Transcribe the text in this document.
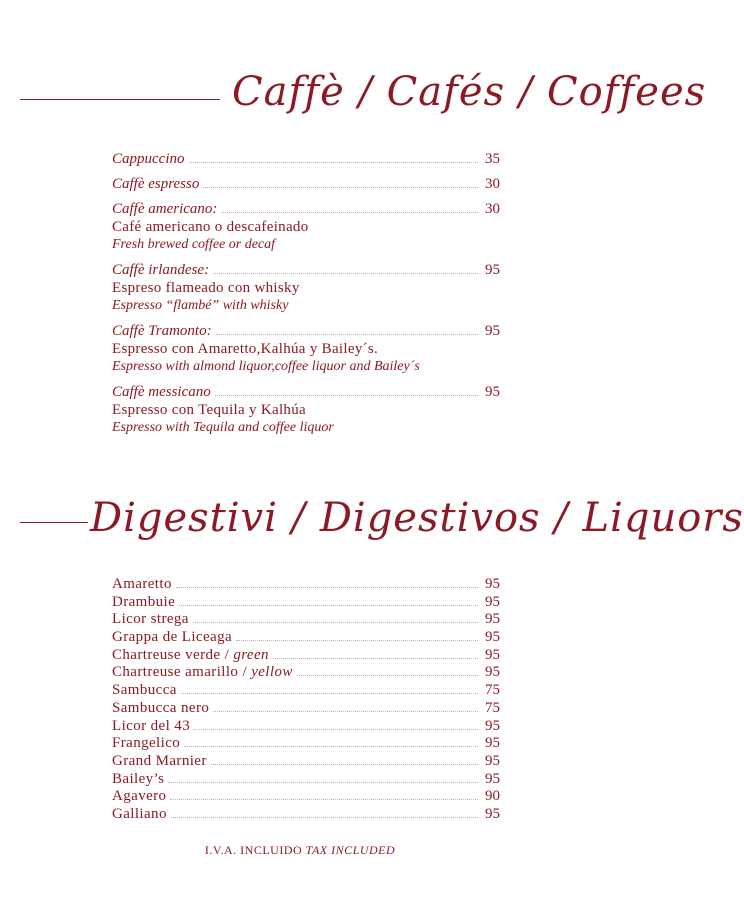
Caffè / Cafés / Coffees
Cappuccino	35
Caffè espresso	30
Caffè americano:	30
Café americano o descafeinado
Fresh brewed coffee or decaf
Caffè irlandese:	95
Espreso flameado con whisky
Espresso “flambé” with whisky
Caffè Tramonto:	95
Espresso con Amaretto,Kalhúa y Bailey´s.
Espresso with almond liquor,coffee liquor and Bailey´s
Caffè messicano	95
Espresso con Tequila y Kalhúa
Espresso with Tequila and coffee liquor
Digestivi / Digestivos / Liquors
Amaretto	95
Drambuie	95
Licor strega	95
Grappa de Liceaga	95
Chartreuse verde / green	95
Chartreuse amarillo / yellow	95
Sambucca	75
Sambucca nero	75
Licor del 43	95
Frangelico	95
Grand Marnier	95
Bailey’s	95
Agavero	90
Galliano	95
I.V.A. INCLUIDO TAX INCLUDED
